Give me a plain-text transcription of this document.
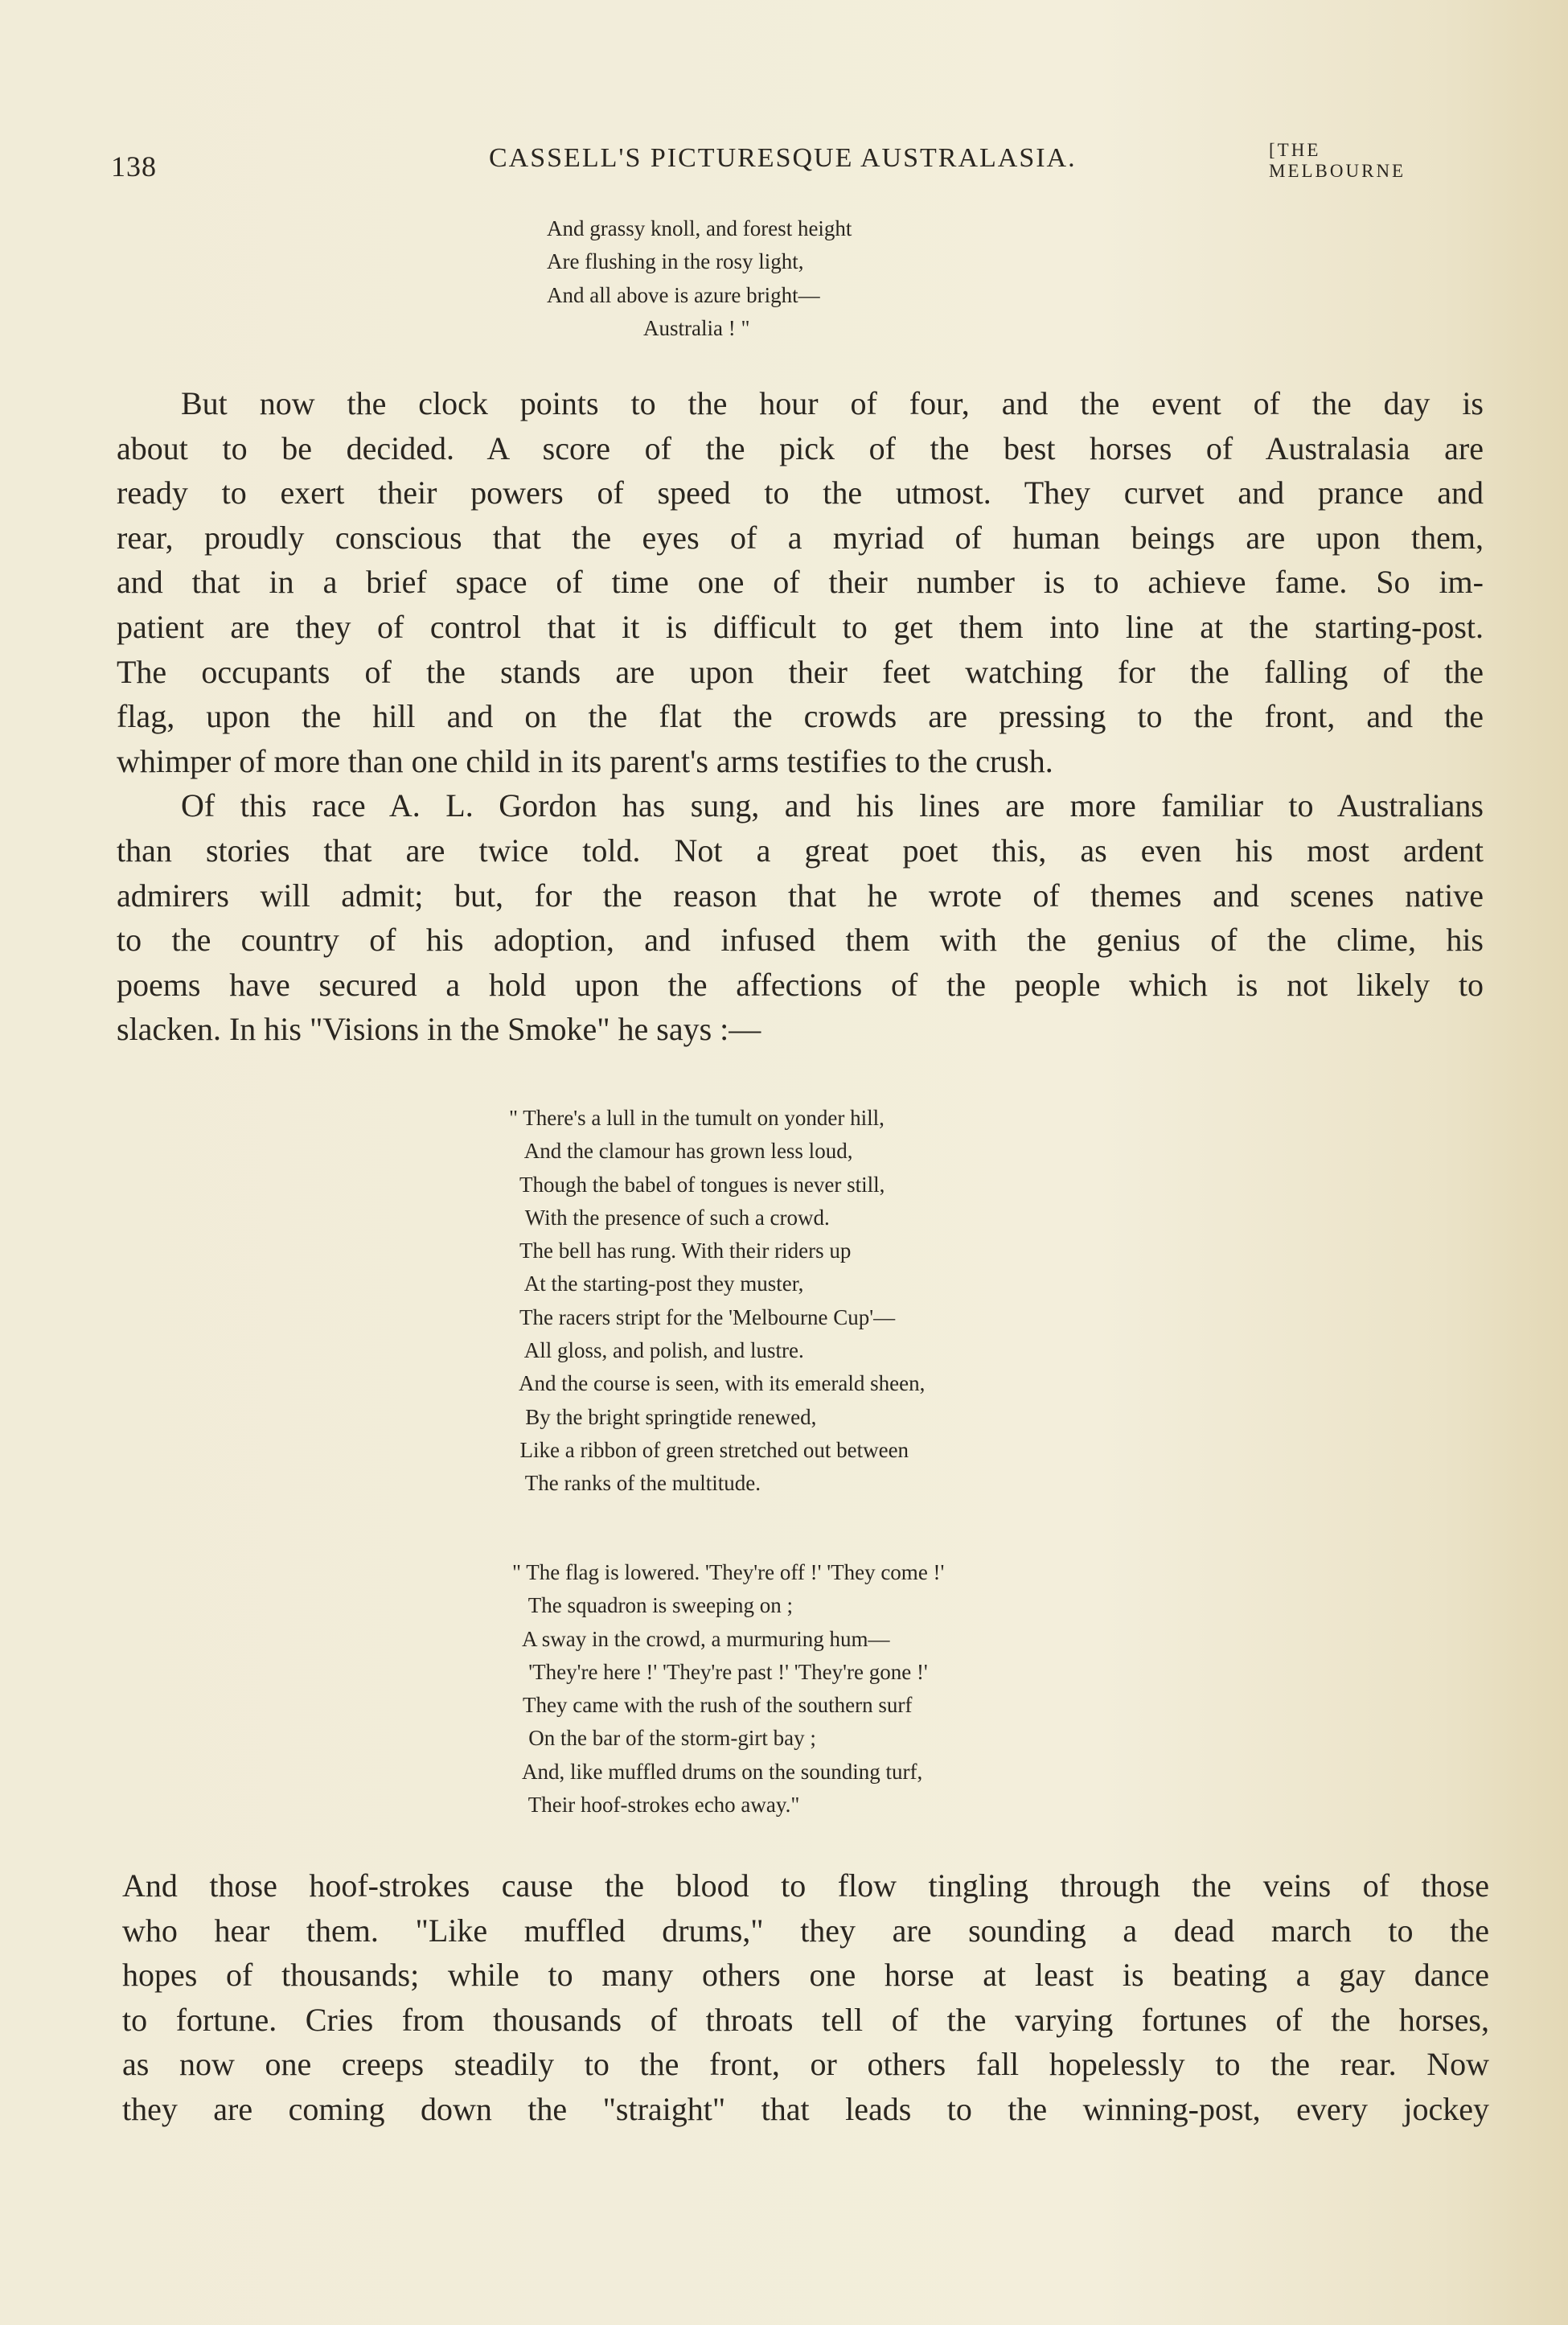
138	CASSELL'S PICTURESQUE AUSTRALASIA.	[THE MELBOURNE
And grassy knoll, and forest height
Are flushing in the rosy light,
And all above is azure bright—
Australia ! "
But now the clock points to the hour of four, and the event of the day is
about to be decided. A score of the pick of the best horses of Australasia are
ready to exert their powers of speed to the utmost. They curvet and prance and
rear, proudly conscious that the eyes of a myriad of human beings are upon them,
and that in a brief space of time one of their number is to achieve fame. So im-
patient are they of control that it is difficult to get them into line at the starting-post.
The occupants of the stands are upon their feet watching for the falling of the
flag, upon the hill and on the flat the crowds are pressing to the front, and the
whimper of more than one child in its parent's arms testifies to the crush.
Of this race A. L. Gordon has sung, and his lines are more familiar to Australians
than stories that are twice told. Not a great poet this, as even his most ardent
admirers will admit; but, for the reason that he wrote of themes and scenes native
to the country of his adoption, and infused them with the genius of the clime, his
poems have secured a hold upon the affections of the people which is not likely to
slacken. In his "Visions in the Smoke" he says :—
" There's a lull in the tumult on yonder hill,
And the clamour has grown less loud,
Though the babel of tongues is never still,
With the presence of such a crowd.
The bell has rung. With their riders up
At the starting-post they muster,
The racers stript for the 'Melbourne Cup'—
All gloss, and polish, and lustre.
And the course is seen, with its emerald sheen,
By the bright springtide renewed,
Like a ribbon of green stretched out between
The ranks of the multitude.
" The flag is lowered. 'They're off !' 'They come !'
The squadron is sweeping on ;
A sway in the crowd, a murmuring hum—
'They're here !' 'They're past !' 'They're gone !'
They came with the rush of the southern surf
On the bar of the storm-girt bay ;
And, like muffled drums on the sounding turf,
Their hoof-strokes echo away."
And those hoof-strokes cause the blood to flow tingling through the veins of those
who hear them. "Like muffled drums," they are sounding a dead march to the
hopes of thousands; while to many others one horse at least is beating a gay dance
to fortune. Cries from thousands of throats tell of the varying fortunes of the horses,
as now one creeps steadily to the front, or others fall hopelessly to the rear. Now
they are coming down the "straight" that leads to the winning-post, every jockey
